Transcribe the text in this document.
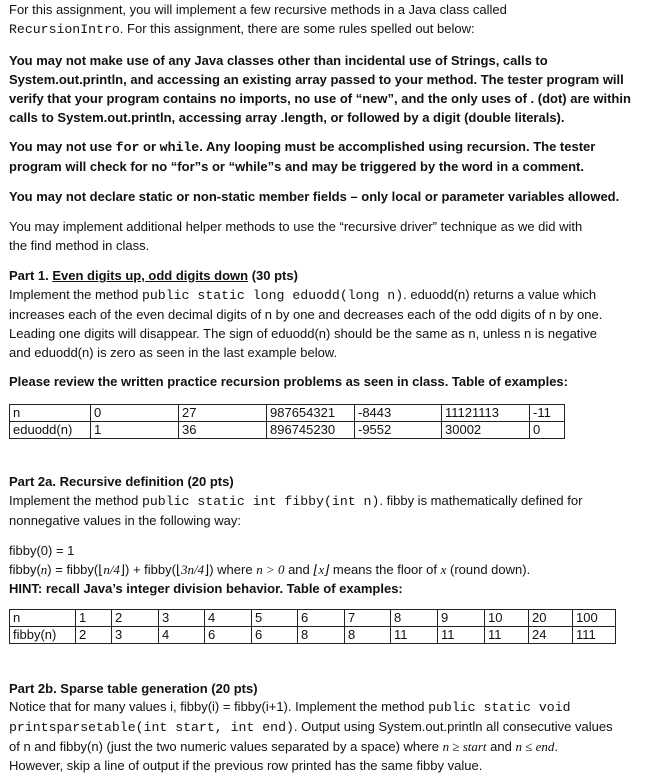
For this assignment, you will implement a few recursive methods in a Java class called
RecursionIntro. For this assignment, there are some rules spelled out below:

You may not make use of any Java classes other than incidental use of Strings, calls to
System.out.println, and accessing an existing array passed to your method. The tester program will
verify that your program contains no imports, no use of “new”, and the only uses of . (dot) are within
calls to System.out.println, accessing array .length, or followed by a digit (double literals).

You may not use for or while. Any looping must be accomplished using recursion. The tester
program will check for no “for”s or “while”s and may be triggered by the word in a comment.

You may not declare static or non-static member fields – only local or parameter variables allowed.

You may implement additional helper methods to use the “recursive driver” technique as we did with
the find method in class.

Part 1. Even digits up, odd digits down (30 pts)

Implement the method public static long eduodd(long n). eduodd(n) returns a value which
increases each of the even decimal digits of n by one and decreases each of the odd digits of n by one.
Leading one digits will disappear. The sign of eduodd(n) should be the same as n, unless n is negative
and eduodd(n) is zero as seen in the last example below.

Please review the written practice recursion problems as seen in class. Table of examples:

n	0	27	987654321	-8443	11121113	-11
eduodd(n)	1	36	896745230	-9552	30002	0

Part 2a. Recursive definition (20 pts)

Implement the method public static int fibby(int n). fibby is mathematically defined for
nonnegative values in the following way:

fibby(0) = 1
fibby(n) = fibby(⌊n/4⌋) + fibby(⌊3n/4⌋) where n > 0 and ⌊x⌋ means the floor of x (round down).

HINT: recall Java’s integer division behavior. Table of examples:

n	1	2	3	4	5	6	7	8	9	10	20	100
fibby(n)	2	3	4	6	6	8	8	11	11	11	24	111

Part 2b. Sparse table generation (20 pts)

Notice that for many values i, fibby(i) = fibby(i+1). Implement the method public static void
printsparsetable(int start, int end). Output using System.out.println all consecutive values
of n and fibby(n) (just the two numeric values separated by a space) where n ≥ start and n ≤ end.
However, skip a line of output if the previous row printed has the same fibby value.
